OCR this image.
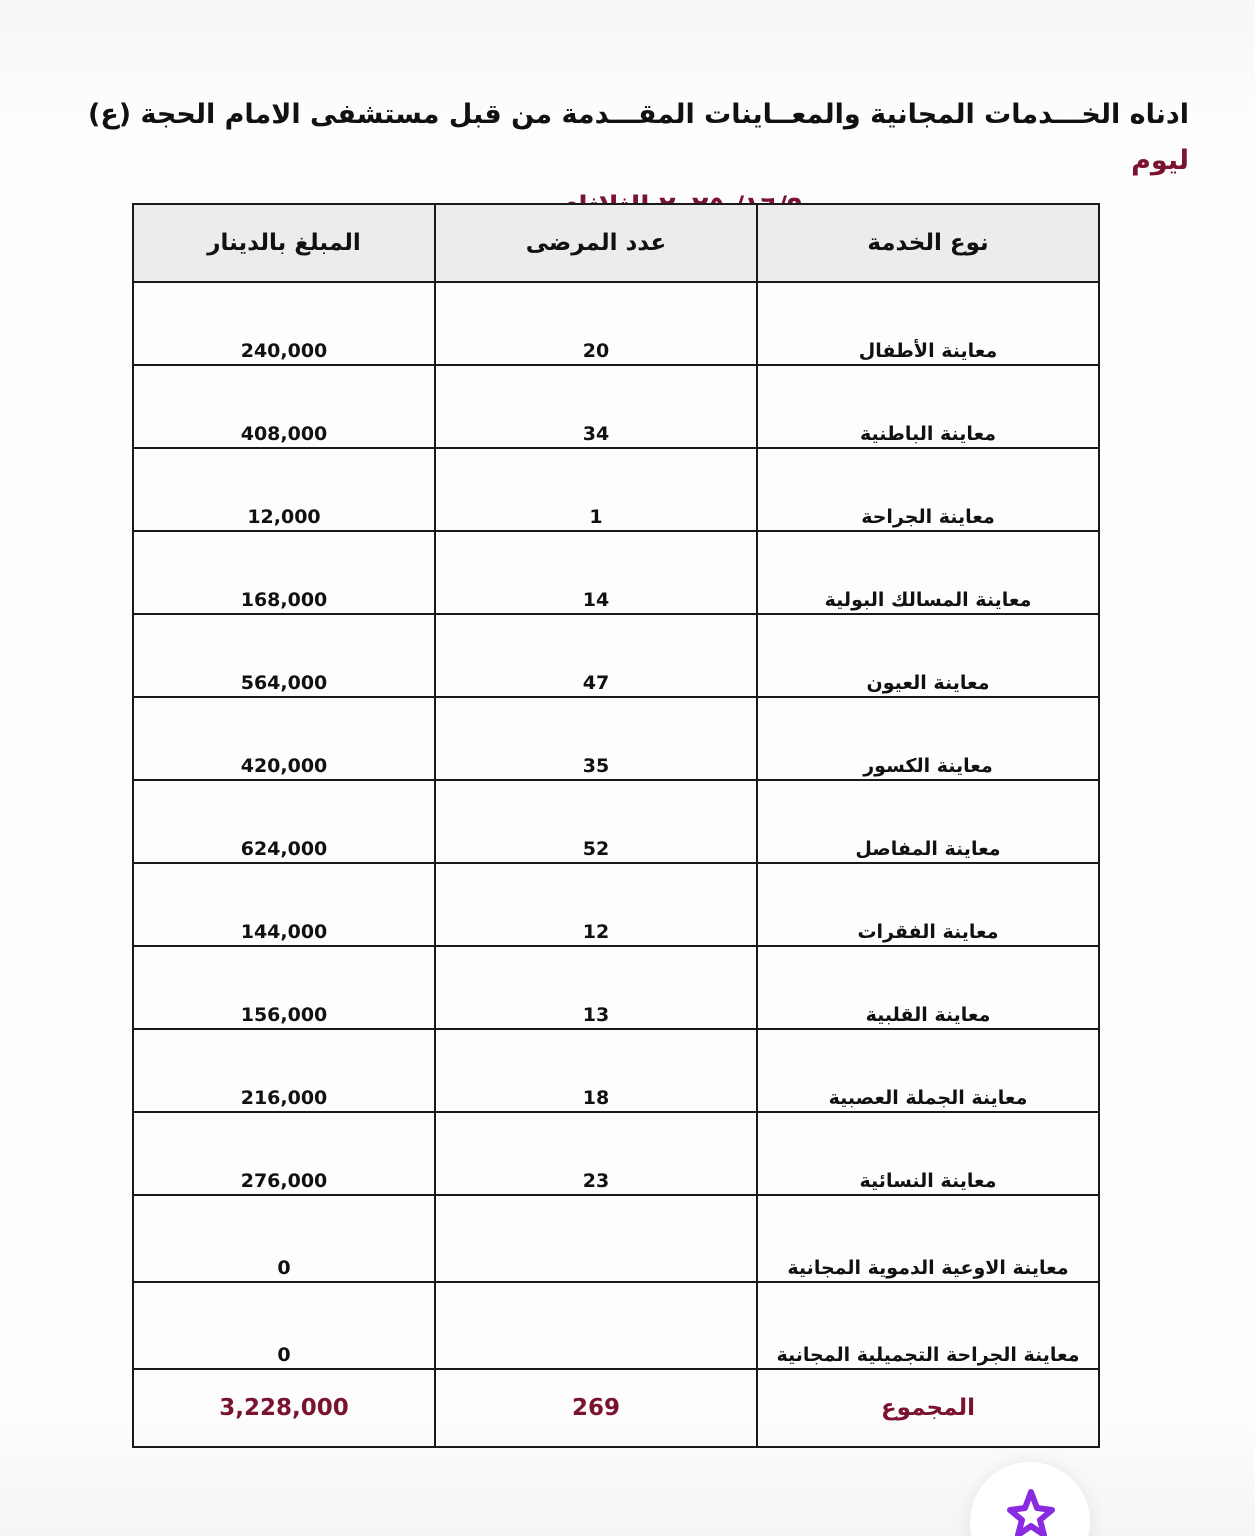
ادناه الخـــدمات المجانية والمعــاينات المقـــدمة من قبل مستشفى الامام الحجة (ع) ليوم
نوع الخدمة	عدد المرضى	المبلغ بالدينار
معاينة الأطفال	20	240,000
معاينة الباطنية	34	408,000
معاينة الجراحة	1	12,000
معاينة المسالك البولية	14	168,000
معاينة العيون	47	564,000
معاينة الكسور	35	420,000
معاينة المفاصل	52	624,000
معاينة الفقرات	12	144,000
معاينة القلبية	13	156,000
معاينة الجملة العصبية	18	216,000
معاينة النسائية	23	276,000
معاينة الاوعية الدموية المجانية		0
معاينة الجراحة التجميلية المجانية		0
المجموع	269	3,228,000
